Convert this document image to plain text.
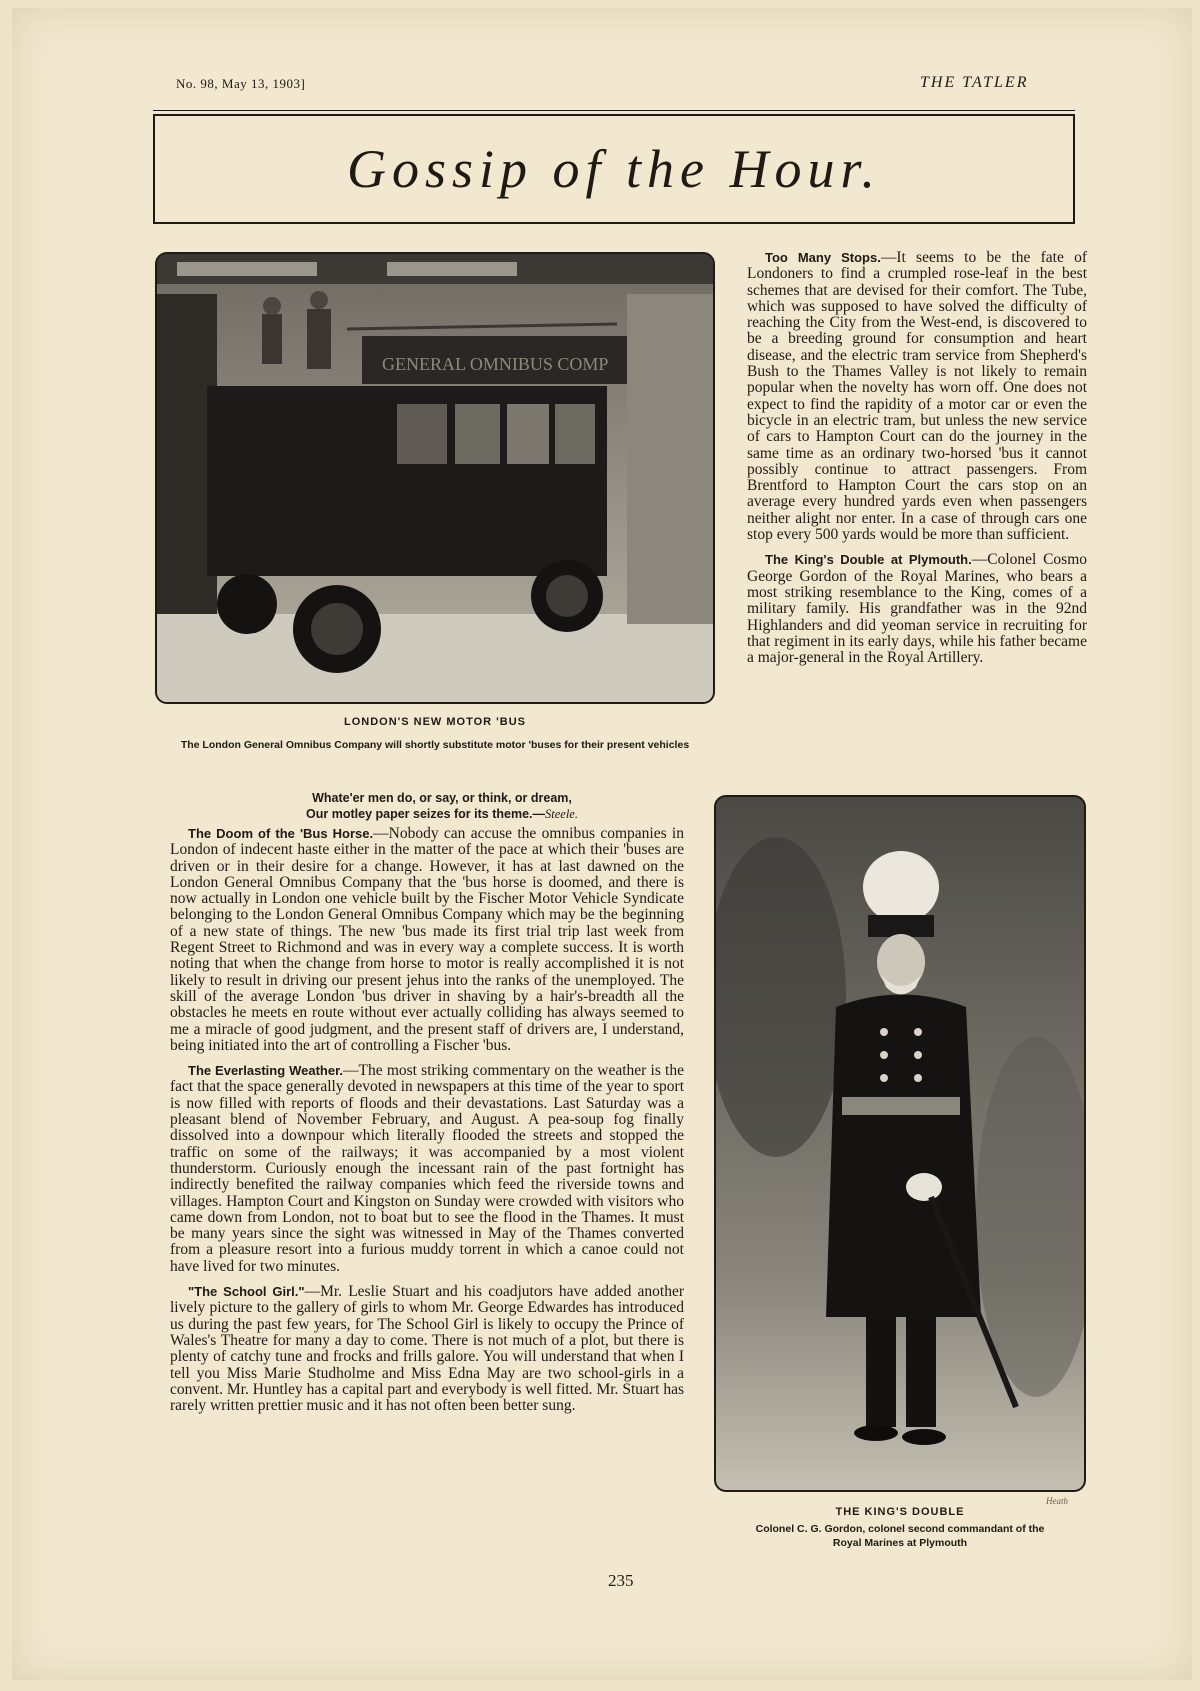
No. 98, May 13, 1903]	THE TATLER
Gossip of the Hour.
GENERAL OMNIBUS COMP
LONDON'S NEW MOTOR 'BUS
The London General Omnibus Company will shortly substitute motor 'buses for their present vehicles

Too Many Stops.—It seems to be the fate of Londoners to find a crumpled rose-leaf in the best schemes that are devised for their comfort. The Tube, which was supposed to have solved the difficulty of reaching the City from the West-end, is discovered to be a breeding ground for consumption and heart disease, and the electric tram service from Shepherd's Bush to the Thames Valley is not likely to remain popular when the novelty has worn off. One does not expect to find the rapidity of a motor car or even the bicycle in an electric tram, but unless the new service of cars to Hampton Court can do the journey in the same time as an ordinary two-horsed 'bus it cannot possibly continue to attract passengers. From Brentford to Hampton Court the cars stop on an average every hundred yards even when passengers neither alight nor enter. In a case of through cars one stop every 500 yards would be more than sufficient.

The King's Double at Plymouth.—Colonel Cosmo George Gordon of the Royal Marines, who bears a most striking resemblance to the King, comes of a military family. His grandfather was in the 92nd Highlanders and did yeoman service in recruiting for that regiment in its early days, while his father became a major-general in the Royal Artillery.

Heath
THE KING'S DOUBLE
Colonel C. G. Gordon, colonel second commandant of the
Royal Marines at Plymouth
Whate'er men do, or say, or think, or dream,
Our motley paper seizes for its theme.—Steele.

The Doom of the 'Bus Horse.—Nobody can accuse the omnibus companies in London of indecent haste either in the matter of the pace at which their 'buses are driven or in their desire for a change. However, it has at last dawned on the London General Omnibus Company that the 'bus horse is doomed, and there is now actually in London one vehicle built by the Fischer Motor Vehicle Syndicate belonging to the London General Omnibus Company which may be the beginning of a new state of things. The new 'bus made its first trial trip last week from Regent Street to Richmond and was in every way a complete success. It is worth noting that when the change from horse to motor is really accomplished it is not likely to result in driving our present jehus into the ranks of the unemployed. The skill of the average London 'bus driver in shaving by a hair's-breadth all the obstacles he meets en route without ever actually colliding has always seemed to me a miracle of good judgment, and the present staff of drivers are, I understand, being initiated into the art of controlling a Fischer 'bus.

The Everlasting Weather.—The most striking commentary on the weather is the fact that the space generally devoted in newspapers at this time of the year to sport is now filled with reports of floods and their devastations. Last Saturday was a pleasant blend of November February, and August. A pea-soup fog finally dissolved into a downpour which literally flooded the streets and stopped the traffic on some of the railways; it was accompanied by a most violent thunderstorm. Curiously enough the incessant rain of the past fortnight has indirectly benefited the railway companies which feed the riverside towns and villages. Hampton Court and Kingston on Sunday were crowded with visitors who came down from London, not to boat but to see the flood in the Thames. It must be many years since the sight was witnessed in May of the Thames converted from a pleasure resort into a furious muddy torrent in which a canoe could not have lived for two minutes.

"The School Girl."—Mr. Leslie Stuart and his coadjutors have added another lively picture to the gallery of girls to whom Mr. George Edwardes has introduced us during the past few years, for The School Girl is likely to occupy the Prince of Wales's Theatre for many a day to come. There is not much of a plot, but there is plenty of catchy tune and frocks and frills galore. You will understand that when I tell you Miss Marie Studholme and Miss Edna May are two school-girls in a convent. Mr. Huntley has a capital part and everybody is well fitted. Mr. Stuart has rarely written prettier music and it has not often been better sung.

235
